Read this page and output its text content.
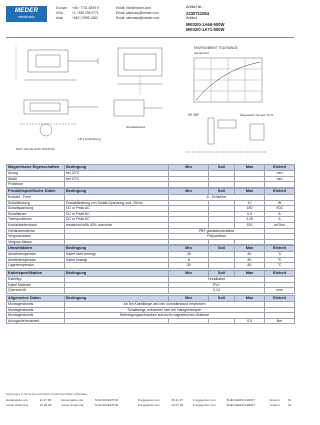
MEDER
electronic
Europe:	+49 / 7731 8399 0	Email: info@meder.com
USA:	+1 / 508 295 0771	Email: salesusa@meder.com
Asia:	+852 / 2955 1682	Email: salesasia@meder.com
Artikel Nr.:
2230711054
Artikel:
MK02/0-1A66-500W
MK02/0-1A71-500W
ENVIRONMENT TOLERANCE
toleranziert
MAX VALUE AND TESTING
LP 4 Ausführung
SE 06P	Magnetisch Sensor 70 %
Schaltabstand
Magnetische Eigenschaften	Bedingung	Min	Soll	Max	Einheit
Anzug	bei 20°C				mm
Abfall	bei 20°C				mm
Prüfstrom					
Produktspezifische Daten	Bedingung	Min	Soll	Max	Einheit
Kontakt - Form		A - Schließer			
Schaltleistung	Kontaktleistung von Schalt-Spannung und -Strom			10	W
Schaltspannung	DC or Peak AC			180	VDC
Schaltstrom	DC or Peak AC			0,5	A
Transportstrom	DC or Peak AC			1,25	A
Kontaktwiderstand	measured with 40% overdrive			150	mOhm
Gehäusematerial		PBT glasfaserverstärkt			
Vergussmasse		Polyurethan			
Verguss Masse					
Umweltdaten	Bedingung	Min	Soll	Max	Einheit
Arbeitstemperatur	Kabel nicht bewegt	-30		80	°C
Arbeitstemperatur	Kabel bewegt	-5		80	°C
Lagertemperatur		-30		80	°C
Kabelspezifikation	Bedingung	Min	Soll	Max	Einheit
Kabeltyp		Rundkabel			
Kabel Material		PVC			
Querschnitt		0,14			mm²
Allgemeine Daten	Bedingung	Min	Soll	Max	Einheit
Montagehinweis	Ab 5m Kabellänge wird ein Vorwiderstand empfohlen				
Montagehinweis	Schaltwege reduzieren sich bei Halogenlampen				
Montagehinweis	Befestigungsschrauben aus nicht magnetischem Material				
Anzugsdrehmoment				0,5	Nm
Änderungen im Sinne des technischen Fortschritts bleiben vorbehalten.
Herausgabe am:	11.07.06	Herausgabe von:	SCHURREKTNIK	Freigegeben am:	06.11.07	Freigegeben von:	BUECHERSCHMIDT	Version:	01
Letzte Änderung:	13.06.08	Letzte Änderung:	SCHURREKTNIK	Freigegeben am:	13.07.09	Freigegeben von:	BUECHERSCHMIDT	Version:	01
